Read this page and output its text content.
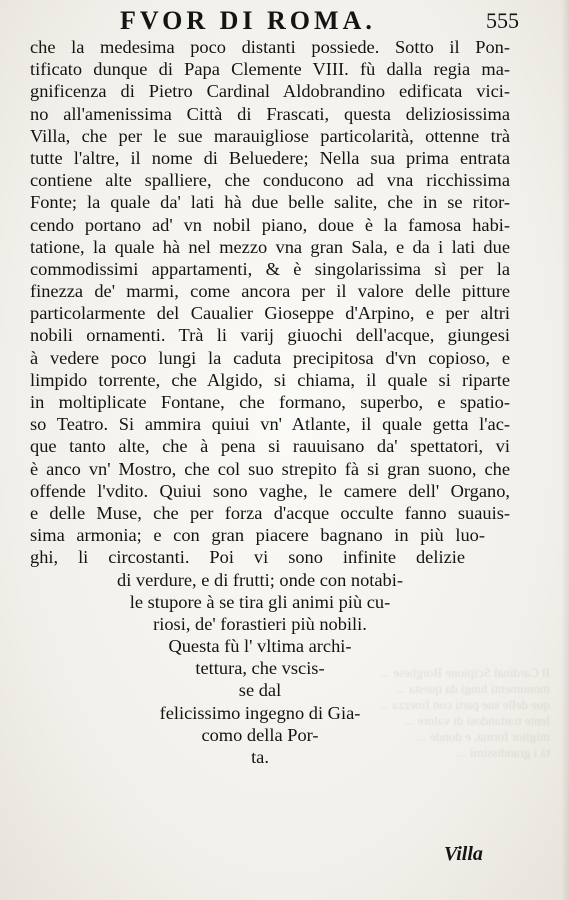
Il Cardinal Scipione Borghese ...
monumenti lungi da questa ...
que delle sue parti con finezza ...
lente trattandosi di valore ...
miglior forma, e donde ...
tà i grandissimi ...
FVOR DI ROMA.	555
che la medesima poco distanti possiede. Sotto il Pon-
tificato dunque di Papa Clemente VIII. fù dalla regia ma-
gnificenza di Pietro Cardinal Aldobrandino edificata vici-
no all'amenissima Città di Frascati, questa deliziosissima
Villa, che per le sue marauigliose particolarità, ottenne trà
tutte l'altre, il nome di Beluedere; Nella sua prima entrata
contiene alte spalliere, che conducono ad vna ricchissima
Fonte; la quale da' lati hà due belle salite, che in se ritor-
cendo portano ad' vn nobil piano, doue è la famosa habi-
tatione, la quale hà nel mezzo vna gran Sala, e da i lati due
commodissimi appartamenti, & è singolarissima sì per la
finezza de' marmi, come ancora per il valore delle pitture
particolarmente del Caualier Gioseppe d'Arpino, e per altri
nobili ornamenti. Trà li varij giuochi dell'acque, giungesi
à vedere poco lungi la caduta precipitosa d'vn copioso, e
limpido torrente, che Algido, si chiama, il quale si riparte
in moltiplicate Fontane, che formano, superbo, e spatio-
so Teatro. Si ammira quiui vn' Atlante, il quale getta l'ac-
que tanto alte, che à pena si rauuisano da' spettatori, vi
è anco vn' Mostro, che col suo strepito fà si gran suono, che
offende l'vdito. Quiui sono vaghe, le camere dell' Organo,
e delle Muse, che per forza d'acque occulte fanno suauis-
sima armonia; e con gran piacere bagnano in più luo-
ghi, li circostanti. Poi vi sono infinite delizie
di verdure, e di frutti; onde con notabi-
le stupore à se tira gli animi più cu-
riosi, de' forastieri più nobili.
Questa fù l' vltima archi-
tettura, che vscis-
se dal
felicissimo ingegno di Gia-
como della Por-
ta.
Villa
